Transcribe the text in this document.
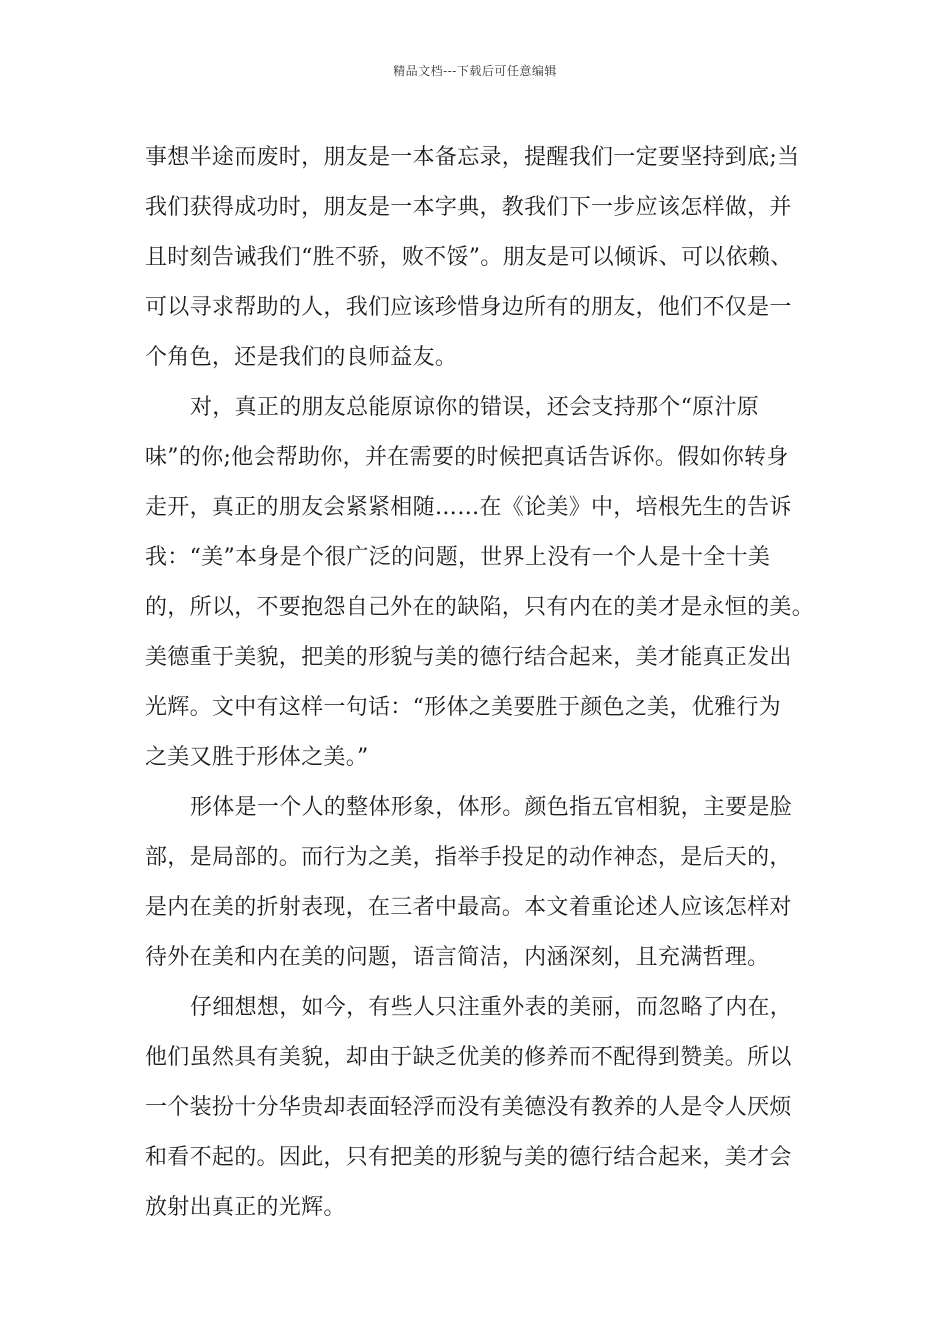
精品文档---下载后可任意编辑

事想半途而废时，朋友是一本备忘录，提醒我们一定要坚持到底;当
我们获得成功时，朋友是一本字典，教我们下一步应该怎样做，并
且时刻告诫我们“胜不骄，败不馁”。朋友是可以倾诉、可以依赖、
可以寻求帮助的人，我们应该珍惜身边所有的朋友，他们不仅是一
个角色，还是我们的良师益友。

对，真正的朋友总能原谅你的错误，还会支持那个“原汁原
味”的你;他会帮助你，并在需要的时候把真话告诉你。假如你转身
走开，真正的朋友会紧紧相随……在《论美》中，培根先生的告诉
我：“美”本身是个很广泛的问题，世界上没有一个人是十全十美
的，所以，不要抱怨自己外在的缺陷，只有内在的美才是永恒的美。
美德重于美貌，把美的形貌与美的德行结合起来，美才能真正发出
光辉。文中有这样一句话：“形体之美要胜于颜色之美，优雅行为
之美又胜于形体之美。”

形体是一个人的整体形象，体形。颜色指五官相貌，主要是脸
部，是局部的。而行为之美，指举手投足的动作神态，是后天的，
是内在美的折射表现，在三者中最高。本文着重论述人应该怎样对
待外在美和内在美的问题，语言简洁，内涵深刻，且充满哲理。

仔细想想，如今，有些人只注重外表的美丽，而忽略了内在，
他们虽然具有美貌，却由于缺乏优美的修养而不配得到赞美。所以
一个装扮十分华贵却表面轻浮而没有美德没有教养的人是令人厌烦
和看不起的。因此，只有把美的形貌与美的德行结合起来，美才会
放射出真正的光辉。
